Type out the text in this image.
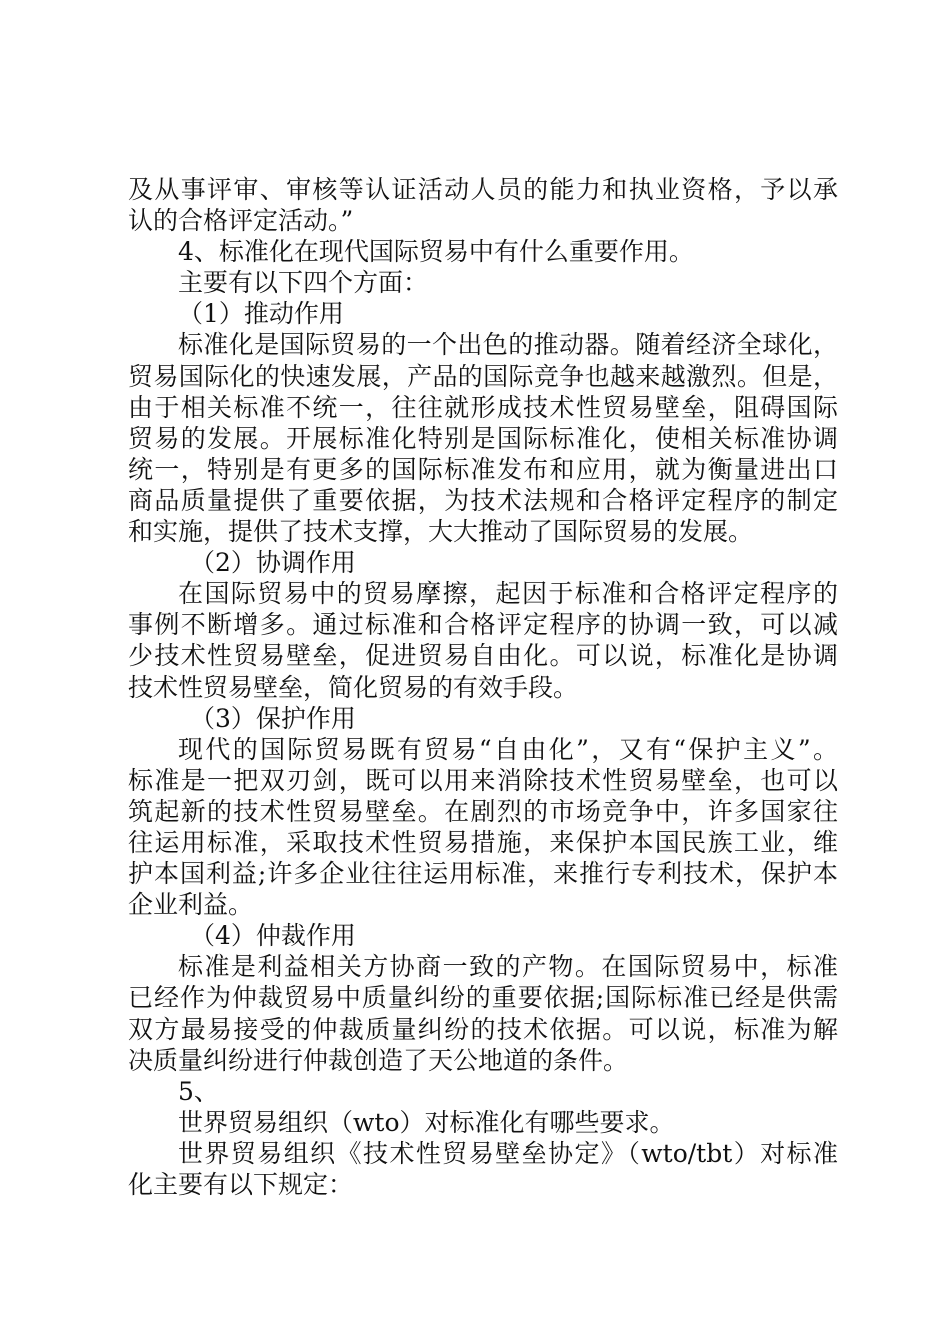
及从事评审、审核等认证活动人员的能力和执业资格，予以承
认的合格评定活动。”
4、标准化在现代国际贸易中有什么重要作用。
主要有以下四个方面：
（1）推动作用
标准化是国际贸易的一个出色的推动器。随着经济全球化，
贸易国际化的快速发展，产品的国际竞争也越来越激烈。但是，
由于相关标准不统一，往往就形成技术性贸易壁垒，阻碍国际
贸易的发展。开展标准化特别是国际标准化，使相关标准协调
统一，特别是有更多的国际标准发布和应用，就为衡量进出口
商品质量提供了重要依据，为技术法规和合格评定程序的制定
和实施，提供了技术支撑，大大推动了国际贸易的发展。
（2）协调作用
在国际贸易中的贸易摩擦，起因于标准和合格评定程序的
事例不断增多。通过标准和合格评定程序的协调一致，可以减
少技术性贸易壁垒，促进贸易自由化。可以说，标准化是协调
技术性贸易壁垒，简化贸易的有效手段。
（3）保护作用
现代的国际贸易既有贸易“自由化”，又有“保护主义”。
标准是一把双刃剑，既可以用来消除技术性贸易壁垒，也可以
筑起新的技术性贸易壁垒。在剧烈的市场竞争中，许多国家往
往运用标准，采取技术性贸易措施，来保护本国民族工业，维
护本国利益;许多企业往往运用标准，来推行专利技术，保护本
企业利益。
（4）仲裁作用
标准是利益相关方协商一致的产物。在国际贸易中，标准
已经作为仲裁贸易中质量纠纷的重要依据;国际标准已经是供需
双方最易接受的仲裁质量纠纷的技术依据。可以说，标准为解
决质量纠纷进行仲裁创造了天公地道的条件。
5、
世界贸易组织（wto）对标准化有哪些要求。
世界贸易组织《技术性贸易壁垒协定》（wto/tbt）对标准
化主要有以下规定：
